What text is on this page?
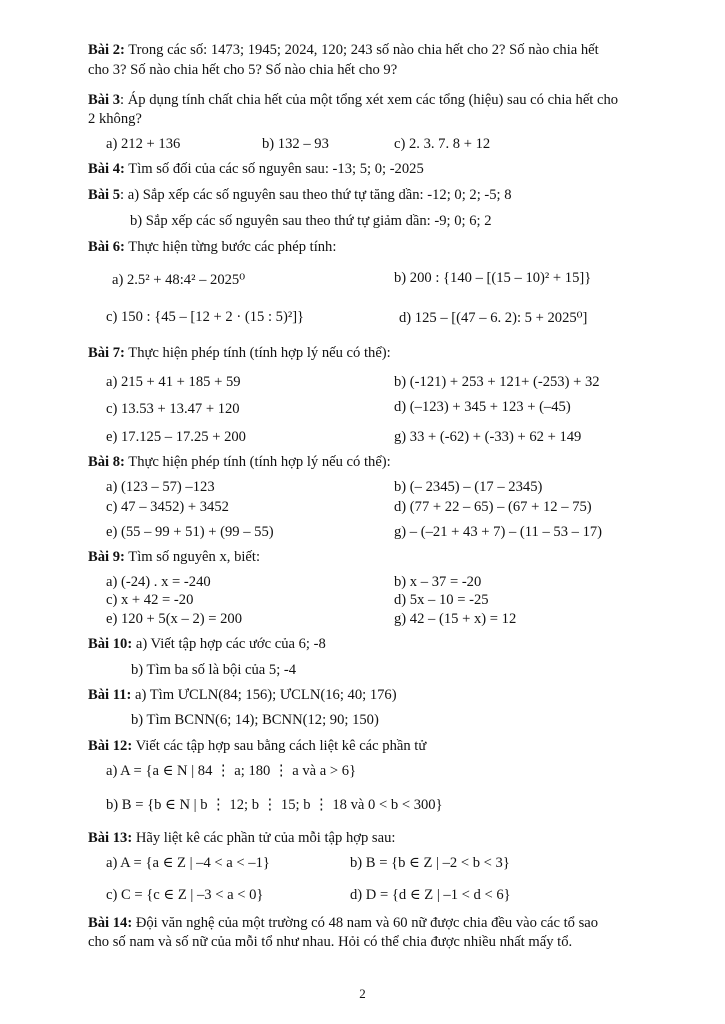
Bài 2: Trong các số: 1473; 1945; 2024, 120; 243 số nào chia hết cho 2? Số nào chia hết
cho 3? Số nào chia hết cho 5? Số nào chia hết cho 9?
Bài 3: Áp dụng tính chất chia hết của một tổng xét xem các tổng (hiệu) sau có chia hết cho
2 không?
a) 212 + 136	b) 132 – 93	c) 2. 3. 7. 8 + 12
Bài 4: Tìm số đối của các số nguyên sau: -13; 5; 0; -2025
Bài 5: a) Sắp xếp các số nguyên sau theo thứ tự tăng dần: -12; 0; 2; -5; 8
b) Sắp xếp các số nguyên sau theo thứ tự giảm dần: -9; 0; 6; 2
Bài 6: Thực hiện từng bước các phép tính:
a) 2.5² + 48:4² – 2025⁰	b) 200 : {140 – [(15 – 10)² + 15]}
c) 150 : {45 – [12 + 2 · (15 : 5)²]}	d) 125 – [(47 – 6. 2): 5 + 2025⁰]
Bài 7: Thực hiện phép tính (tính hợp lý nếu có thể):
a) 215 + 41 + 185 + 59	b) (-121) + 253 + 121+ (-253) + 32
c) 13.53 + 13.47 + 120	d) (–123) + 345 + 123 + (–45)
e) 17.125 – 17.25 + 200	g) 33 + (-62) + (-33) + 62 + 149
Bài 8: Thực hiện phép tính (tính hợp lý nếu có thể):
a) (123 – 57) –123	b) (– 2345) – (17 – 2345)
c) 47 – 3452) + 3452	d) (77 + 22 – 65) – (67 + 12 – 75)
e) (55 – 99 + 51) + (99 – 55)	g) – (–21 + 43 + 7) – (11 – 53 – 17)
Bài 9: Tìm số nguyên x, biết:
a) (-24) . x = -240	b) x – 37 = -20
c) x + 42 = -20	d) 5x – 10 = -25
e) 120 + 5(x – 2) = 200	g) 42 – (15 + x) = 12
Bài 10: a) Viết tập hợp các ước của 6; -8
b) Tìm ba số là bội của 5; -4
Bài 11: a) Tìm ƯCLN(84; 156); ƯCLN(16; 40; 176)
b) Tìm BCNN(6; 14); BCNN(12; 90; 150)
Bài 12: Viết các tập hợp sau bằng cách liệt kê các phần tử
a) A = {a ∈ N | 84 ⋮ a; 180 ⋮ a và a > 6}
b) B = {b ∈ N | b ⋮ 12; b ⋮ 15; b ⋮ 18 và 0 < b < 300}
Bài 13: Hãy liệt kê các phần tử của mỗi tập hợp sau:
a) A = {a ∈ Z | –4 < a < –1}	b) B = {b ∈ Z | –2 < b < 3}
c) C = {c ∈ Z | –3 < a < 0}	d) D = {d ∈ Z | –1 < d < 6}
Bài 14: Đội văn nghệ của một trường có 48 nam và 60 nữ được chia đều vào các tổ sao
cho số nam và số nữ của mỗi tổ như nhau. Hỏi có thể chia được nhiều nhất mấy tổ.
2
